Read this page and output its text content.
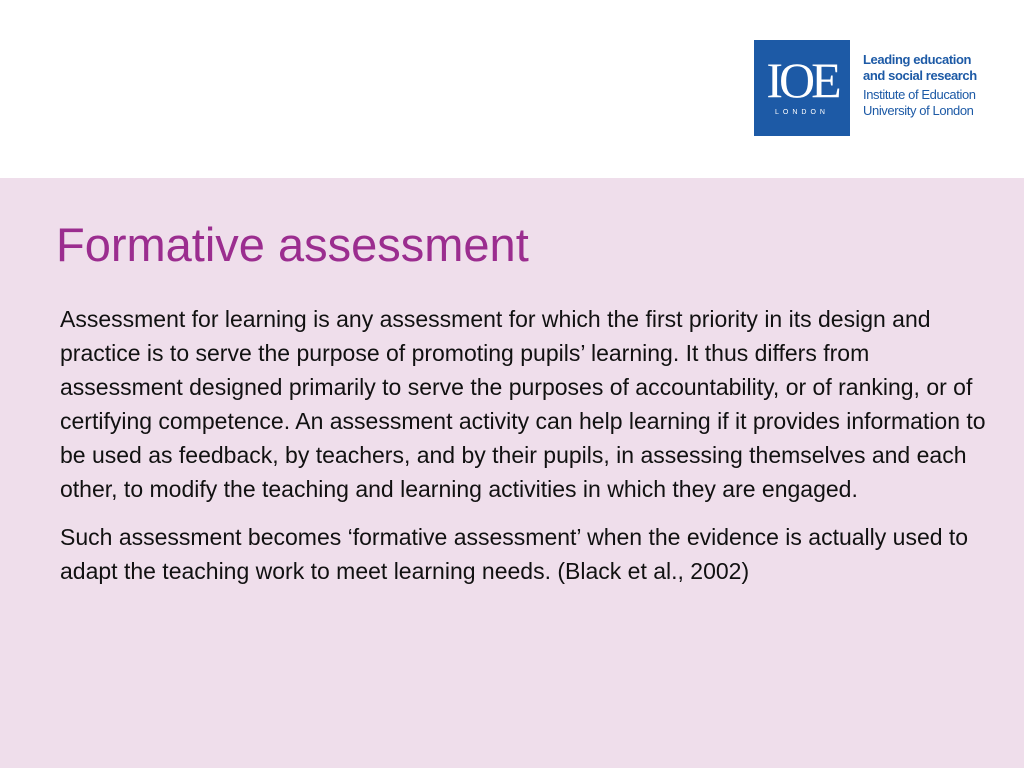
IOE
LONDON
Leading education
and social research
Institute of Education
University of London
Formative assessment

Assessment for learning is any assessment for which the first priority in its design and practice is to serve the purpose of promoting pupils’ learning. It thus differs from assessment designed primarily to serve the purposes of accountability, or of ranking, or of certifying competence. An assessment activity can help learning if it provides information to be used as feedback, by teachers, and by their pupils, in assessing themselves and each other, to modify the teaching and learning activities in which they are engaged.

Such assessment becomes ‘formative assessment’ when the evidence is actually used to adapt the teaching work to meet learning needs. (Black et al., 2002)
